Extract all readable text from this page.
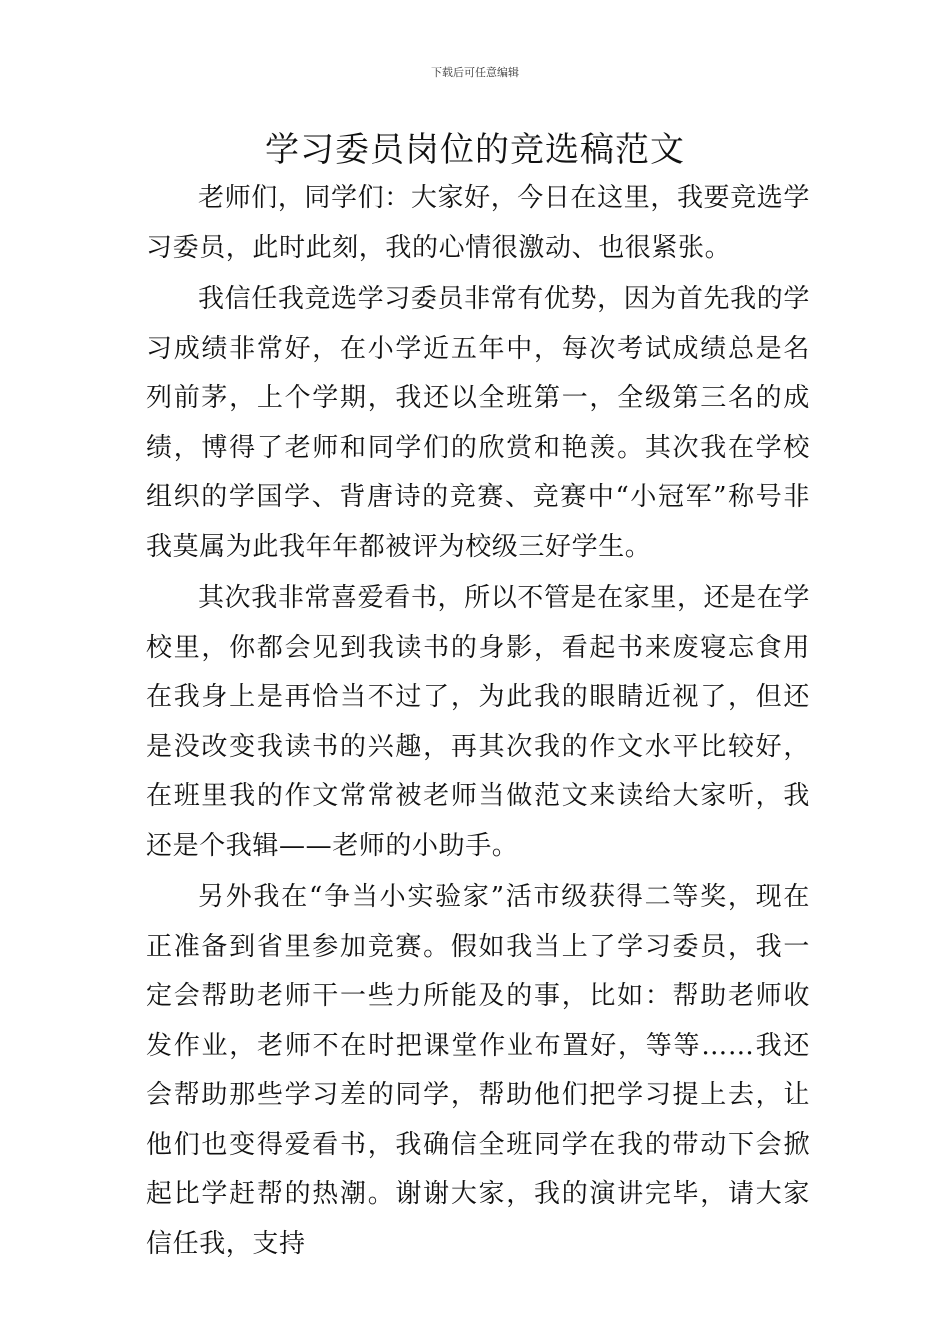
下载后可任意编辑
学习委员岗位的竞选稿范文

老师们，同学们：大家好，今日在这里，我要竞选学习委员，此时此刻，我的心情很激动、也很紧张。

我信任我竞选学习委员非常有优势，因为首先我的学习成绩非常好，在小学近五年中，每次考试成绩总是名列前茅，上个学期，我还以全班第一，全级第三名的成绩，博得了老师和同学们的欣赏和艳羡。其次我在学校组织的学国学、背唐诗的竞赛、竞赛中“小冠军”称号非我莫属为此我年年都被评为校级三好学生。

其次我非常喜爱看书，所以不管是在家里，还是在学校里，你都会见到我读书的身影，看起书来废寝忘食用在我身上是再恰当不过了，为此我的眼睛近视了，但还是没改变我读书的兴趣，再其次我的作文水平比较好，在班里我的作文常常被老师当做范文来读给大家听，我还是个我辑——老师的小助手。

另外我在“争当小实验家”活市级获得二等奖，现在正准备到省里参加竞赛。假如我当上了学习委员，我一定会帮助老师干一些力所能及的事，比如：帮助老师收发作业，老师不在时把课堂作业布置好，等等……我还会帮助那些学习差的同学，帮助他们把学习提上去，让他们也变得爱看书，我确信全班同学在我的带动下会掀起比学赶帮的热潮。谢谢大家，我的演讲完毕，请大家信任我，支持
